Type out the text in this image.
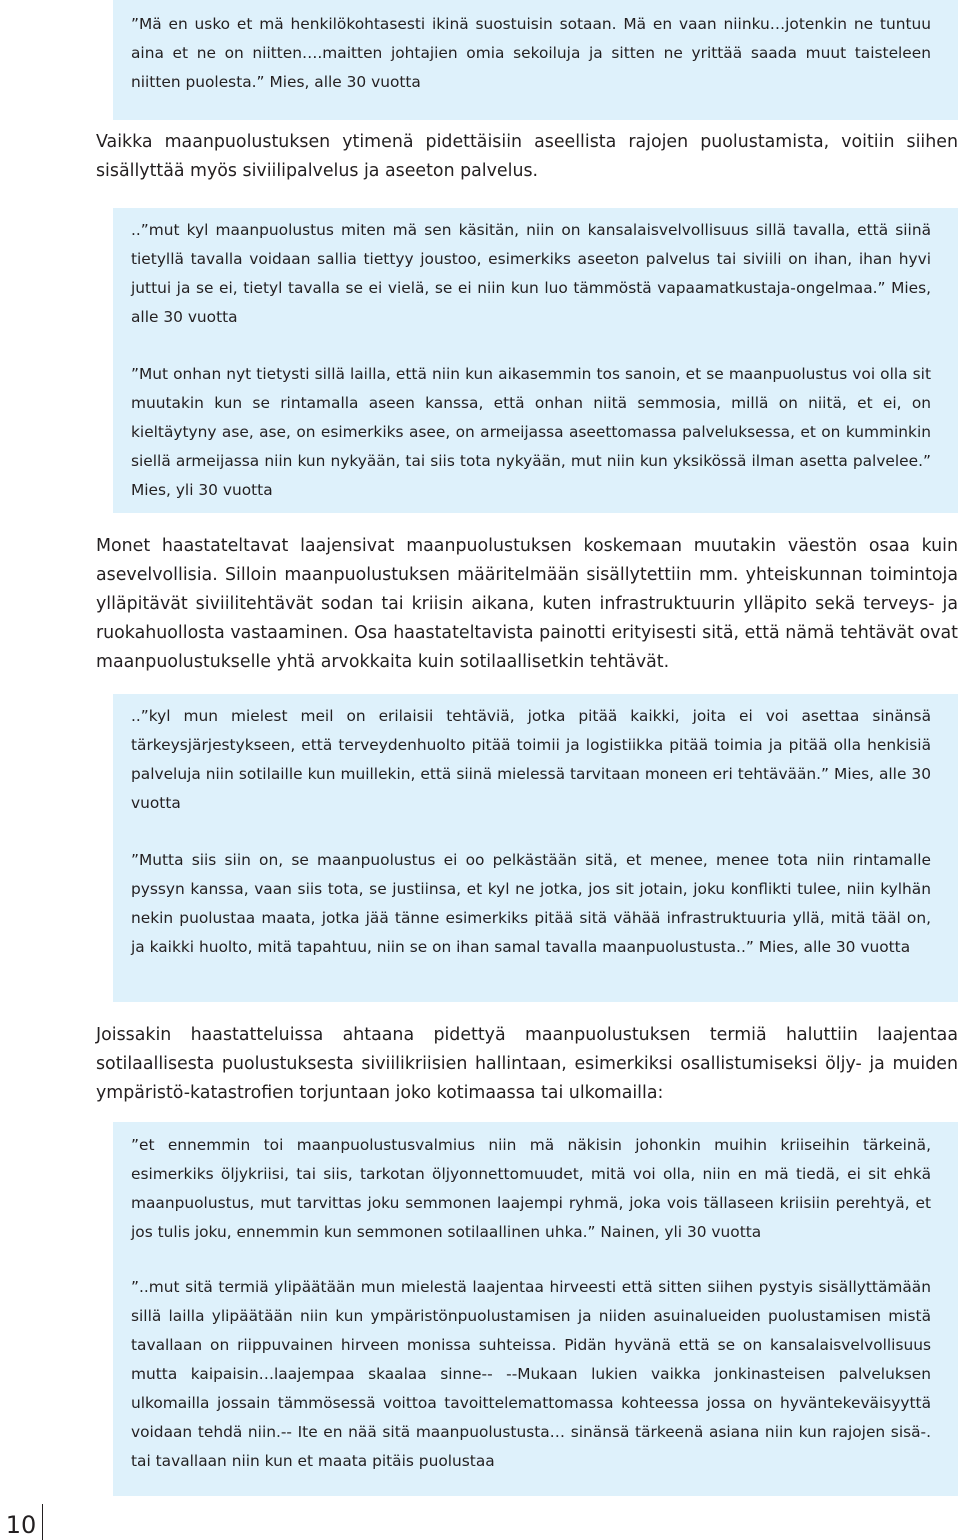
”Mä en usko et mä henkilökohtasesti ikinä suostuisin sotaan. Mä en vaan niinku…jotenkin ne tuntuu aina et ne on niitten….maitten johtajien omia sekoiluja ja sitten ne yrittää saada muut taisteleen niitten puolesta.” Mies, alle 30 vuotta

Vaikka maanpuolustuksen ytimenä pidettäisiin aseellista rajojen puolustamista, voitiin siihen sisällyttää myös siviilipalvelus ja aseeton palvelus.

..”mut kyl maanpuolustus miten mä sen käsitän, niin on kansalaisvelvollisuus sillä tavalla, että siinä tietyllä tavalla voidaan sallia tiettyy joustoo, esimerkiks aseeton palvelus tai siviili on ihan, ihan hyvi juttui ja se ei, tietyl tavalla se ei vielä, se ei niin kun luo tämmöstä vapaamatkustaja-ongelmaa.” Mies, alle 30 vuotta

”Mut onhan nyt tietysti sillä lailla, että niin kun aikasemmin tos sanoin, et se maanpuolustus voi olla sit muutakin kun se rintamalla aseen kanssa, että onhan niitä semmosia, millä on niitä, et ei, on kieltäytyny ase, ase, on esimerkiks asee, on armeijassa aseettomassa palveluksessa, et on kumminkin siellä armeijassa niin kun nykyään, tai siis tota nykyään, mut niin kun yksikössä ilman asetta palvelee.” Mies, yli 30 vuotta

Monet haastateltavat laajensivat maanpuolustuksen koskemaan muutakin väestön osaa kuin asevelvollisia. Silloin maanpuolustuksen määritelmään sisällytettiin mm. yhteiskunnan toimintoja ylläpitävät siviilitehtävät sodan tai kriisin aikana, kuten infrastruktuurin ylläpito sekä terveys- ja ruokahuollosta vastaaminen. Osa haastateltavista painotti erityisesti sitä, että nämä tehtävät ovat maanpuolustukselle yhtä arvokkaita kuin sotilaallisetkin tehtävät.

..”kyl mun mielest meil on erilaisii tehtäviä, jotka pitää kaikki, joita ei voi asettaa sinänsä tärkeysjärjestykseen, että terveydenhuolto pitää toimii ja logistiikka pitää toimia ja pitää olla henkisiä palveluja niin sotilaille kun muillekin, että siinä mielessä tarvitaan moneen eri tehtävään.” Mies, alle 30 vuotta

”Mutta siis siin on, se maanpuolustus ei oo pelkästään sitä, et menee, menee tota niin rintamalle pyssyn kanssa, vaan siis tota, se justiinsa, et kyl ne jotka, jos sit jotain, joku konflikti tulee, niin kylhän nekin puolustaa maata, jotka jää tänne esimerkiks pitää sitä vähää infrastruktuuria yllä, mitä tääl on, ja kaikki huolto, mitä tapahtuu, niin se on ihan samal tavalla maanpuolustusta..” Mies, alle 30 vuotta

Joissakin haastatteluissa ahtaana pidettyä maanpuolustuksen termiä haluttiin laajentaa sotilaallisesta puolustuksesta siviilikriisien hallintaan, esimerkiksi osallistumiseksi öljy- ja muiden ympäristö-katastrofien torjuntaan joko kotimaassa tai ulkomailla:

”et ennemmin toi maanpuolustusvalmius niin mä näkisin johonkin muihin kriiseihin tärkeinä, esimerkiks öljykriisi, tai siis, tarkotan öljyonnettomuudet, mitä voi olla, niin en mä tiedä, ei sit ehkä maanpuolustus, mut tarvittas joku semmonen laajempi ryhmä, joka vois tällaseen kriisiin perehtyä, et jos tulis joku, ennemmin kun semmonen sotilaallinen uhka.” Nainen, yli 30 vuotta

”..mut sitä termiä ylipäätään mun mielestä laajentaa hirveesti että sitten siihen pystyis sisällyttämään sillä lailla ylipäätään niin kun ympäristönpuolustamisen ja niiden asuinalueiden puolustamisen mistä tavallaan on riippuvainen hirveen monissa suhteissa. Pidän hyvänä että se on kansalaisvelvollisuus mutta kaipaisin…laajempaa skaalaa sinne-- --Mukaan lukien vaikka jonkinasteisen palveluksen ulkomailla jossain tämmösessä voittoa tavoittelemattomassa kohteessa jossa on hyväntekeväisyyttä voidaan tehdä niin.-- Ite en nää sitä maanpuolustusta… sinänsä tärkeenä asiana niin kun rajojen sisä-. tai tavallaan niin kun et maata pitäis puolustaa

10
